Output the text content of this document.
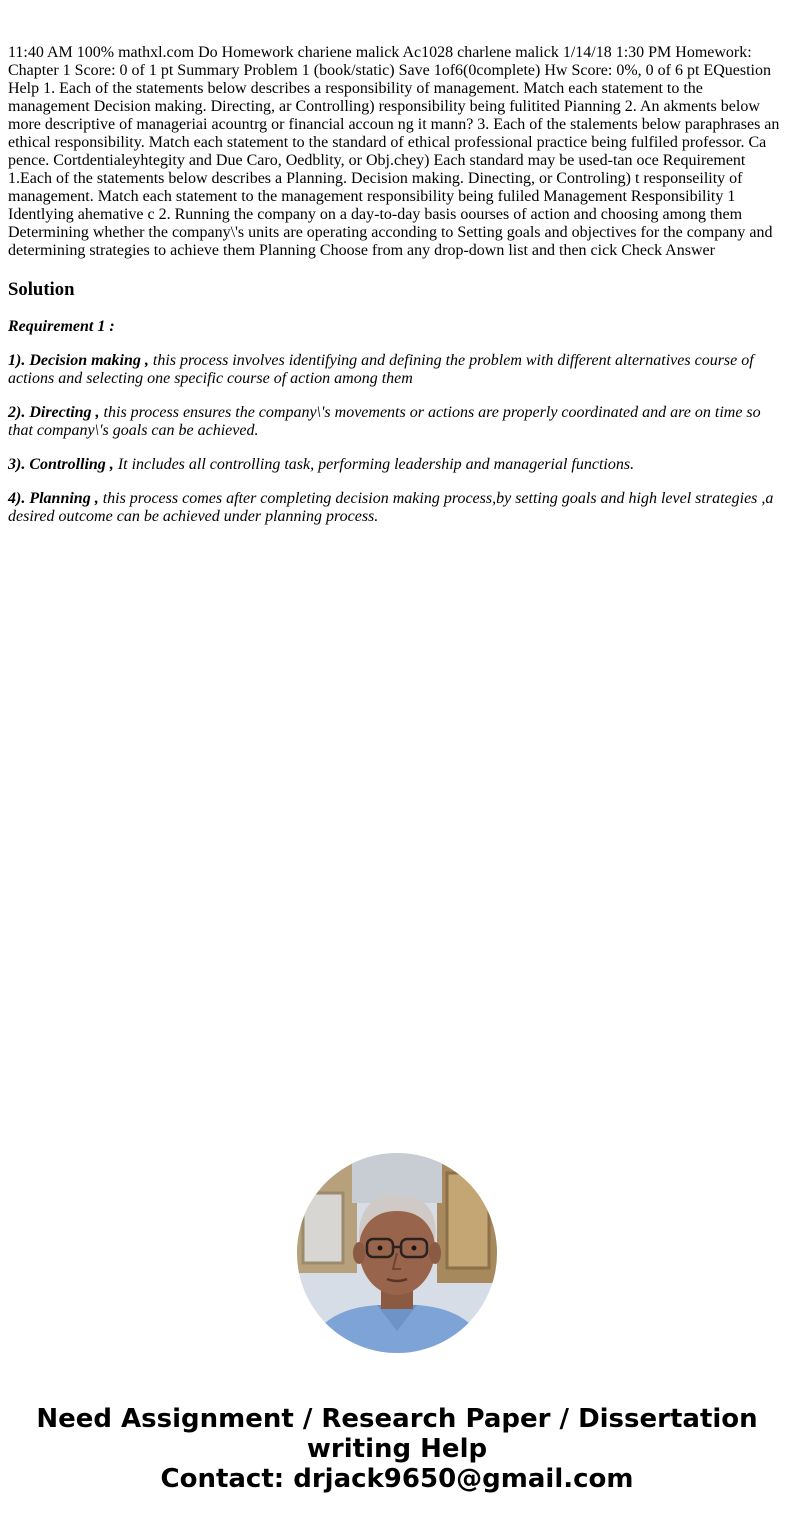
11:40 AM 100% mathxl.com Do Homework chariene malick Ac1028 charlene malick 1/14/18 1:30 PM Homework: Chapter 1 Score: 0 of 1 pt Summary Problem 1 (book/static) Save 1of6(0complete) Hw Score: 0%, 0 of 6 pt EQuestion Help 1. Each of the statements below describes a responsibility of management. Match each statement to the management Decision making. Directing, ar Controlling) responsibility being fulitited Pianning 2. An akments below more descriptive of manageriai acountrg or financial accoun ng it mann? 3. Each of the stalements below paraphrases an ethical responsibility. Match each statement to the standard of ethical professional practice being fulfiled professor. Ca pence. Cortdentialeyhtegity and Due Caro, Oedblity, or Obj.chey) Each standard may be used-tan oce Requirement 1.Each of the statements below describes a Planning. Decision making. Dinecting, or Controling) t responseility of management. Match each statement to the management responsibility being fuliled Management Responsibility 1 Identlying ahemative c 2. Running the company on a day-to-day basis oourses of action and choosing among them Determining whether the company\'s units are operating acconding to Setting goals and objectives for the company and determining strategies to achieve them Planning Choose from any drop-down list and then cick Check Answer

Solution

Requirement 1 :

1). Decision making , this process involves identifying and defining the problem with different alternatives course of actions and selecting one specific course of action among them

2). Directing , this process ensures the company\'s movements or actions are properly coordinated and are on time so that company\'s goals can be achieved.

3). Controlling , It includes all controlling task, performing leadership and managerial functions.

4). Planning , this process comes after completing decision making process,by setting goals and high level strategies ,a desired outcome can be achieved under planning process.

Need Assignment / Research Paper / Dissertation writing Help
Contact: drjack9650@gmail.com
